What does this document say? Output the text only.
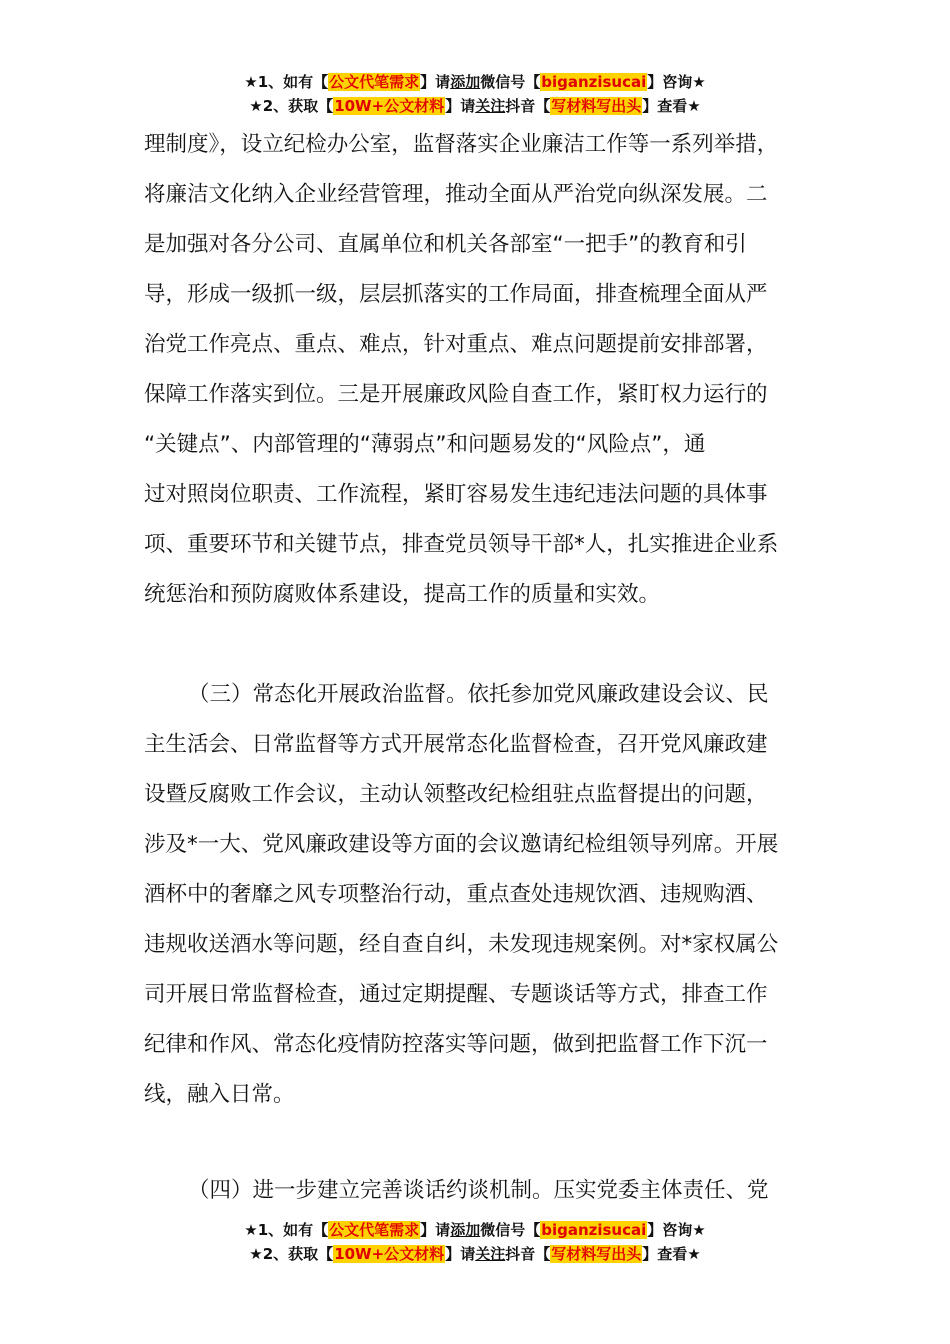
★1、如有【公文代笔需求】请添加微信号【biganzisucai】咨询★
★2、获取【10W+公文材料】请关注抖音【写材料写出头】查看★
理制度》，设立纪检办公室，监督落实企业廉洁工作等一系列举措，
将廉洁文化纳入企业经营管理，推动全面从严治党向纵深发展。二
是加强对各分公司、直属单位和机关各部室“一把手”的教育和引
导，形成一级抓一级，层层抓落实的工作局面，排查梳理全面从严
治党工作亮点、重点、难点，针对重点、难点问题提前安排部署，
保障工作落实到位。三是开展廉政风险自查工作，紧盯权力运行的
“关键点”、内部管理的“薄弱点”和问题易发的“风险点”，通
过对照岗位职责、工作流程，紧盯容易发生违纪违法问题的具体事
项、重要环节和关键节点，排查党员领导干部*人，扎实推进企业系
统惩治和预防腐败体系建设，提高工作的质量和实效。
（三）常态化开展政治监督。依托参加党风廉政建设会议、民
主生活会、日常监督等方式开展常态化监督检查，召开党风廉政建
设暨反腐败工作会议，主动认领整改纪检组驻点监督提出的问题，
涉及*一大、党风廉政建设等方面的会议邀请纪检组领导列席。开展
酒杯中的奢靡之风专项整治行动，重点查处违规饮酒、违规购酒、
违规收送酒水等问题，经自查自纠，未发现违规案例。对*家权属公
司开展日常监督检查，通过定期提醒、专题谈话等方式，排查工作
纪律和作风、常态化疫情防控落实等问题，做到把监督工作下沉一
线，融入日常。
（四）进一步建立完善谈话约谈机制。压实党委主体责任、党
★1、如有【公文代笔需求】请添加微信号【biganzisucai】咨询★
★2、获取【10W+公文材料】请关注抖音【写材料写出头】查看★
